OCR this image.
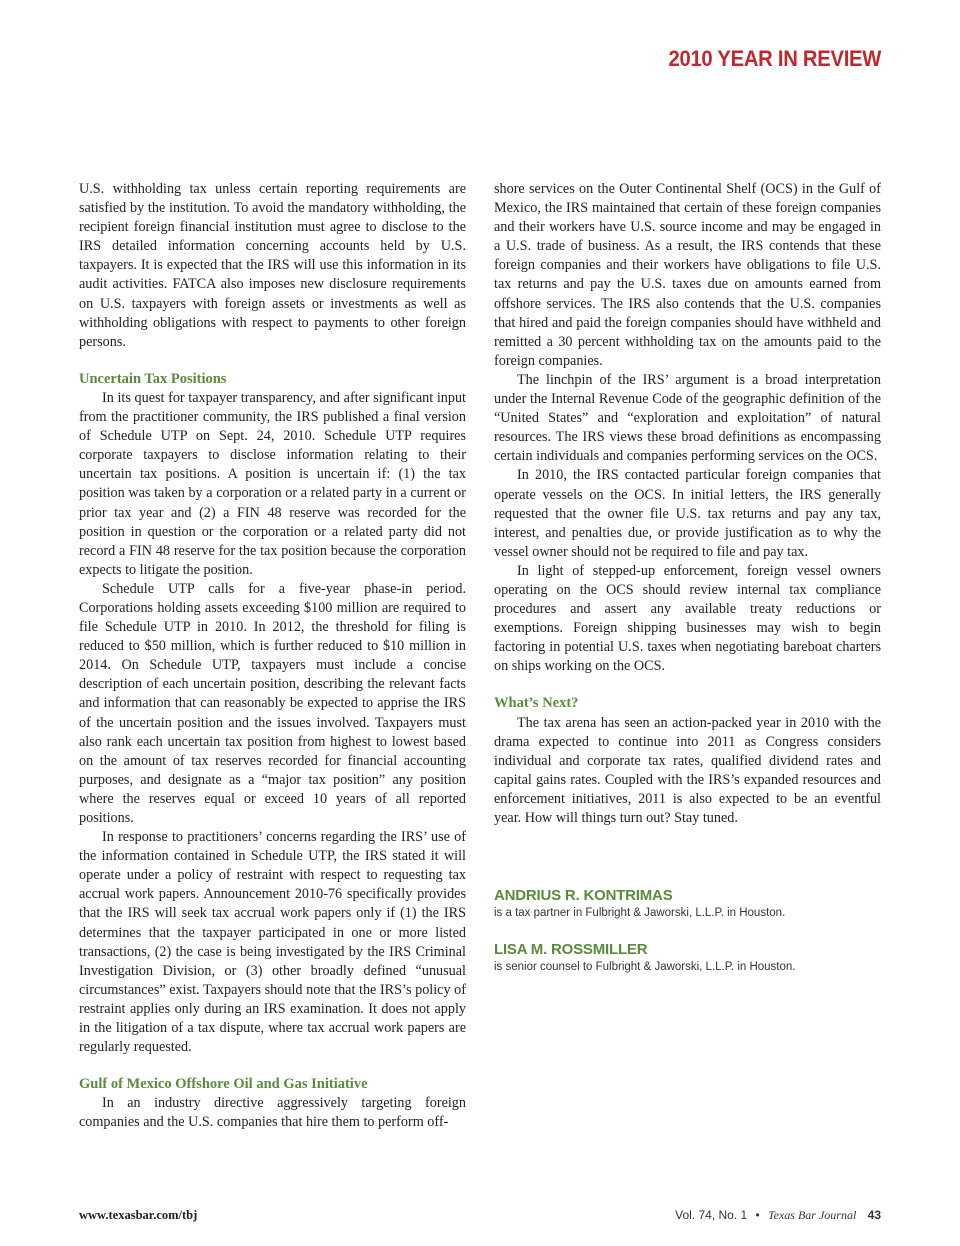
2010 YEAR IN REVIEW

U.S. withholding tax unless certain reporting requirements are satisfied by the institution. To avoid the mandatory withholding, the recipient foreign financial institution must agree to disclose to the IRS detailed information concerning accounts held by U.S. taxpayers. It is expected that the IRS will use this information in its audit activities. FATCA also imposes new disclosure requirements on U.S. taxpayers with foreign assets or investments as well as withholding obligations with respect to payments to other foreign persons.

Uncertain Tax Positions

In its quest for taxpayer transparency, and after significant input from the practitioner community, the IRS published a final version of Schedule UTP on Sept. 24, 2010. Schedule UTP requires corporate taxpayers to disclose information relating to their uncertain tax positions. A position is uncertain if: (1) the tax position was taken by a corporation or a related party in a current or prior tax year and (2) a FIN 48 reserve was recorded for the position in question or the corporation or a related party did not record a FIN 48 reserve for the tax position because the corporation expects to litigate the position.

Schedule UTP calls for a five-year phase-in period. Corporations holding assets exceeding $100 million are required to file Schedule UTP in 2010. In 2012, the threshold for filing is reduced to $50 million, which is further reduced to $10 million in 2014. On Schedule UTP, taxpayers must include a concise description of each uncertain position, describing the relevant facts and information that can reasonably be expected to apprise the IRS of the uncertain position and the issues involved. Taxpayers must also rank each uncertain tax position from highest to lowest based on the amount of tax reserves recorded for financial accounting purposes, and designate as a “major tax position” any position where the reserves equal or exceed 10 years of all reported positions.

In response to practitioners’ concerns regarding the IRS’ use of the information contained in Schedule UTP, the IRS stated it will operate under a policy of restraint with respect to requesting tax accrual work papers. Announcement 2010-76 specifically provides that the IRS will seek tax accrual work papers only if (1) the IRS determines that the taxpayer participated in one or more listed transactions, (2) the case is being investigated by the IRS Criminal Investigation Division, or (3) other broadly defined “unusual circumstances” exist. Taxpayers should note that the IRS’s policy of restraint applies only during an IRS examination. It does not apply in the litigation of a tax dispute, where tax accrual work papers are regularly requested.

Gulf of Mexico Offshore Oil and Gas Initiative

In an industry directive aggressively targeting foreign companies and the U.S. companies that hire them to perform off-

shore services on the Outer Continental Shelf (OCS) in the Gulf of Mexico, the IRS maintained that certain of these foreign companies and their workers have U.S. source income and may be engaged in a U.S. trade of business. As a result, the IRS contends that these foreign companies and their workers have obligations to file U.S. tax returns and pay the U.S. taxes due on amounts earned from offshore services. The IRS also contends that the U.S. companies that hired and paid the foreign companies should have withheld and remitted a 30 percent withholding tax on the amounts paid to the foreign companies.

The linchpin of the IRS’ argument is a broad interpretation under the Internal Revenue Code of the geographic definition of the “United States” and “exploration and exploitation” of natural resources. The IRS views these broad definitions as encompassing certain individuals and companies performing services on the OCS.

In 2010, the IRS contacted particular foreign companies that operate vessels on the OCS. In initial letters, the IRS generally requested that the owner file U.S. tax returns and pay any tax, interest, and penalties due, or provide justification as to why the vessel owner should not be required to file and pay tax.

In light of stepped-up enforcement, foreign vessel owners operating on the OCS should review internal tax compliance procedures and assert any available treaty reductions or exemptions. Foreign shipping businesses may wish to begin factoring in potential U.S. taxes when negotiating bareboat charters on ships working on the OCS.

What’s Next?

The tax arena has seen an action-packed year in 2010 with the drama expected to continue into 2011 as Congress considers individual and corporate tax rates, qualified dividend rates and capital gains rates. Coupled with the IRS’s expanded resources and enforcement initiatives, 2011 is also expected to be an eventful year. How will things turn out? Stay tuned.

ANDRIUS R. KONTRIMAS
is a tax partner in Fulbright & Jaworski, L.L.P. in Houston.
LISA M. ROSSMILLER
is senior counsel to Fulbright & Jaworski, L.L.P. in Houston.
www.texasbar.com/tbj	Vol. 74, No. 1 • Texas Bar Journal 43
